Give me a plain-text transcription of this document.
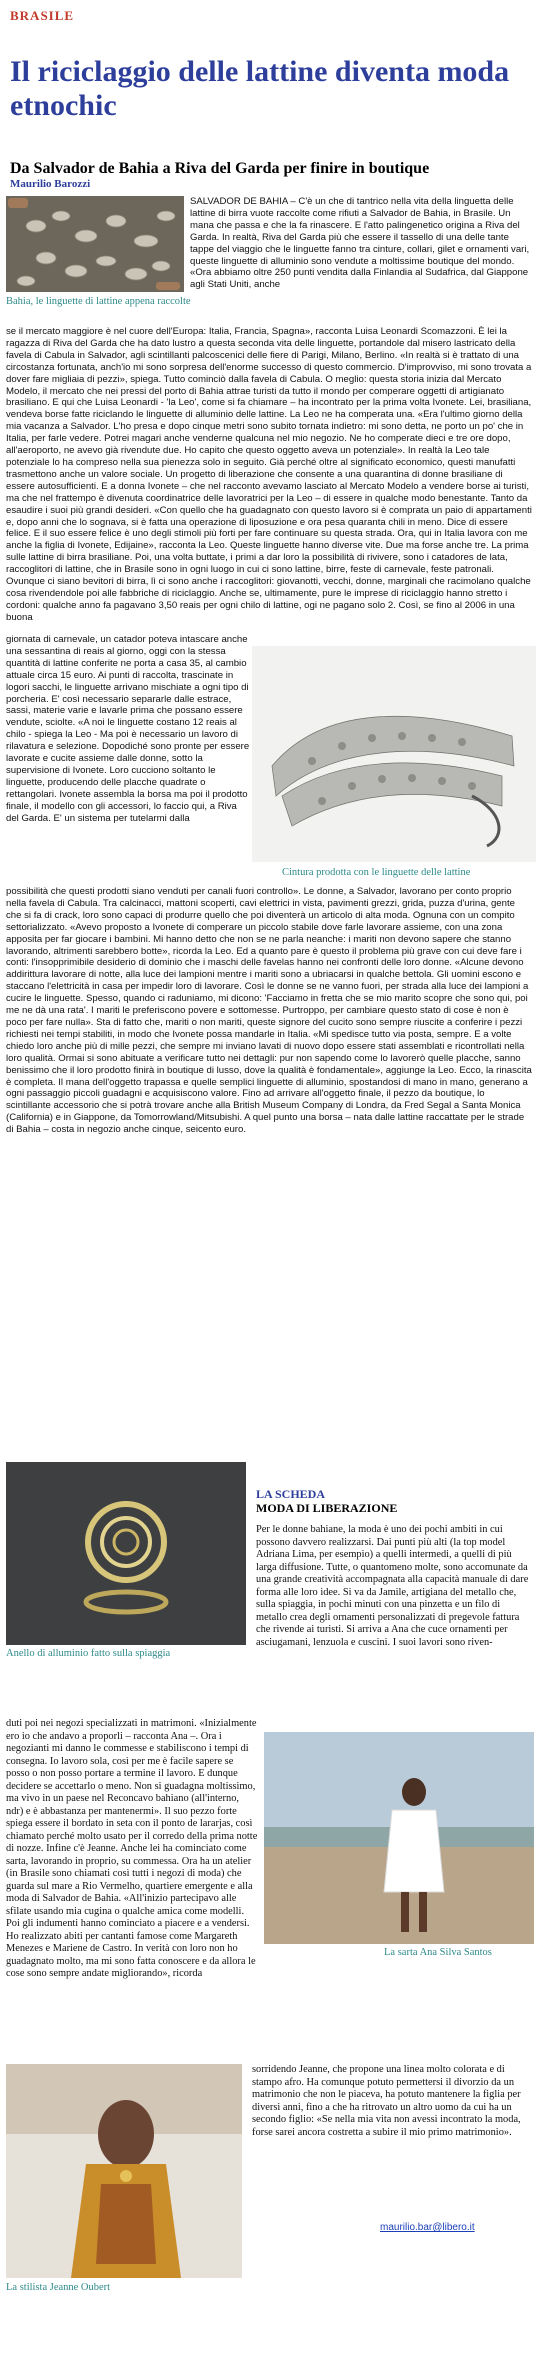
BRASILE
Il riciclaggio delle lattine diventa moda etnochic
Da Salvador de Bahia a Riva del Garda per finire in boutique
Maurilio Barozzi
Bahia, le linguette di lattine appena raccolte

SALVADOR DE BAHIA – C'è un che di tantrico nella vita della linguetta delle lattine di birra vuote raccolte come rifiuti a Salvador de Bahia, in Brasile. Un mana che passa e che la fa rinascere. E l'atto palingenetico origina a Riva del Garda. In realtà, Riva del Garda più che essere il tassello di una delle tante tappe del viaggio che le linguette fanno tra cinture, collari, gilet e ornamenti vari, queste linguette di alluminio sono vendute a moltissime boutique del mondo. «Ora abbiamo oltre 250 punti vendita dalla Finlandia al Sudafrica, dal Giappone agli Stati Uniti, anche

se il mercato maggiore è nel cuore dell'Europa: Italia, Francia, Spagna», racconta Luisa Leonardi Scomazzoni. È lei la ragazza di Riva del Garda che ha dato lustro a questa seconda vita delle linguette, portandole dal misero lastricato della favela di Cabula in Salvador, agli scintillanti palcoscenici delle fiere di Parigi, Milano, Berlino. «In realtà si è trattato di una circostanza fortunata, anch'io mi sono sorpresa dell'enorme successo di questo commercio. D'improvviso, mi sono trovata a dover fare migliaia di pezzi», spiega. Tutto cominciò dalla favela di Cabula. O meglio: questa storia inizia dal Mercato Modelo, il mercato che nei pressi del porto di Bahia attrae turisti da tutto il mondo per comperare oggetti di artigianato brasiliano. E qui che Luisa Leonardi - 'la Leo', come si fa chiamare – ha incontrato per la prima volta Ivonete. Lei, brasiliana, vendeva borse fatte riciclando le linguette di alluminio delle lattine. La Leo ne ha comperata una. «Era l'ultimo giorno della mia vacanza a Salvador. L'ho presa e dopo cinque metri sono subito tornata indietro: mi sono detta, ne porto un po' che in Italia, per farle vedere. Potrei magari anche venderne qualcuna nel mio negozio. Ne ho comperate dieci e tre ore dopo, all'aeroporto, ne avevo già rivendute due. Ho capito che questo oggetto aveva un potenziale». In realtà la Leo tale potenziale lo ha compreso nella sua pienezza solo in seguito. Già perché oltre al significato economico, questi manufatti trasmettono anche un valore sociale. Un progetto di liberazione che consente a una quarantina di donne brasiliane di essere autosufficienti. E a donna Ivonete – che nel racconto avevamo lasciato al Mercato Modelo a vendere borse ai turisti, ma che nel frattempo è divenuta coordinatrice delle lavoratrici per la Leo – di essere in qualche modo benestante. Tanto da esaudire i suoi più grandi desideri. «Con quello che ha guadagnato con questo lavoro si è comprata un paio di appartamenti e, dopo anni che lo sognava, si è fatta una operazione di liposuzione e ora pesa quaranta chili in meno. Dice di essere felice. E il suo essere felice è uno degli stimoli più forti per fare continuare su questa strada. Ora, qui in Italia lavora con me anche la figlia di Ivonete, Edijaine», racconta la Leo. Queste linguette hanno diverse vite. Due ma forse anche tre. La prima sulle lattine di birra brasiliane. Poi, una volta buttate, i primi a dar loro la possibilità di rivivere, sono i catadores de lata, raccoglitori di lattine, che in Brasile sono in ogni luogo in cui ci sono lattine, birre, feste di carnevale, feste patronali. Ovunque ci siano bevitori di birra, lì ci sono anche i raccoglitori: giovanotti, vecchi, donne, marginali che racimolano qualche cosa rivendendole poi alle fabbriche di riciclaggio. Anche se, ultimamente, pure le imprese di riciclaggio hanno stretto i cordoni: qualche anno fa pagavano 3,50 reais per ogni chilo di lattine, ogi ne pagano solo 2. Così, se fino al 2006 in una buona

giornata di carnevale, un catador poteva intascare anche una sessantina di reais al giorno, oggi con la stessa quantità di lattine conferite ne porta a casa 35, al cambio attuale circa 15 euro. Ai punti di raccolta, trascinate in logori sacchi, le linguette arrivano mischiate a ogni tipo di porcheria. E' così necessario separarle dalle estrace, sassi, materie varie e lavarle prima che possano essere vendute, sciolte. «A noi le linguette costano 12 reais al chilo - spiega la Leo - Ma poi è necessario un lavoro di rilavatura e selezione. Dopodiché sono pronte per essere lavorate e cucite assieme dalle donne, sotto la supervisione di Ivonete. Loro cucciono soltanto le linguette, producendo delle placche quadrate o rettangolari. Ivonete assembla la borsa ma poi il prodotto finale, il modello con gli accessori, lo faccio qui, a Riva del Garda. E' un sistema per tutelarmi dalla

Cintura prodotta con le linguette delle lattine

possibilità che questi prodotti siano venduti per canali fuori controllo». Le donne, a Salvador, lavorano per conto proprio nella favela di Cabula. Tra calcinacci, mattoni scoperti, cavi elettrici in vista, pavimenti grezzi, grida, puzza d'urina, gente che si fa di crack, loro sono capaci di produrre quello che poi diventerà un articolo di alta moda. Ognuna con un compito settorializzato. «Avevo proposto a Ivonete di comperare un piccolo stabile dove farle lavorare assieme, con una zona apposita per far giocare i bambini. Mi hanno detto che non se ne parla neanche: i mariti non devono sapere che stanno lavorando, altrimenti sarebbero botte», ricorda la Leo. Ed a quanto pare è questo il problema più grave con cui deve fare i conti: l'insopprimibile desiderio di dominio che i maschi delle favelas hanno nei confronti delle loro donne. «Alcune devono addirittura lavorare di notte, alla luce dei lampioni mentre i mariti sono a ubriacarsi in qualche bettola. Gli uomini escono e staccano l'elettricità in casa per impedir loro di lavorare. Così le donne se ne vanno fuori, per strada alla luce dei lampioni a cucire le linguette. Spesso, quando ci raduniamo, mi dicono: 'Facciamo in fretta che se mio marito scopre che sono qui, poi me ne dà una rata'. I mariti le preferiscono povere e sottomesse. Purtroppo, per cambiare questo stato di cose è non è poco per fare nulla». Sta di fatto che, mariti o non mariti, queste signore del cucito sono sempre riuscite a conferire i pezzi richiesti nei tempi stabiliti, in modo che Ivonete possa mandarle in Italia. «Mi spedisce tutto via posta, sempre. E a volte chiedo loro anche più di mille pezzi, che sempre mi inviano lavati di nuovo dopo essere stati assemblati e ricontrollati nella loro qualità. Ormai si sono abituate a verificare tutto nei dettagli: pur non sapendo come lo lavorerò quelle placche, sanno benissimo che il loro prodotto finirà in boutique di lusso, dove la qualità è fondamentale», aggiunge la Leo. Ecco, la rinascita è completa. Il mana dell'oggetto trapassa e quelle semplici linguette di alluminio, spostandosi di mano in mano, generano a ogni passaggio piccoli guadagni e acquisiscono valore. Fino ad arrivare all'oggetto finale, il pezzo da boutique, lo scintillante accessorio che si potrà trovare anche alla British Museum Company di Londra, da Fred Segal a Santa Monica (California) e in Giappone, da Tomorrowland/Mitsubishi. A quel punto una borsa – nata dalle lattine raccattate per le strade di Bahia – costa in negozio anche cinque, seicento euro.

Anello di alluminio fatto sulla spiaggia
LA SCHEDA
MODA DI LIBERAZIONE

Per le donne bahiane, la moda è uno dei pochi ambiti in cui possono davvero realizzarsi. Dai punti più alti (la top model Adriana Lima, per esempio) a quelli intermedi, a quelli di più larga diffusione. Tutte, o quantomeno molte, sono accomunate da una grande creatività accompagnata alla capacità manuale di dare forma alle loro idee. Si va da Jamile, artigiana del metallo che, sulla spiaggia, in pochi minuti con una pinzetta e un filo di metallo crea degli ornamenti personalizzati di pregevole fattura che rivende ai turisti. Si arriva a Ana che cuce ornamenti per asciugamani, lenzuola e cuscini. I suoi lavori sono riven-

duti poi nei negozi specializzati in matrimoni. «Inizialmente ero io che andavo a proporli – racconta Ana –. Ora i negozianti mi danno le commesse e stabiliscono i tempi di consegna. Io lavoro sola, così per me è facile sapere se posso o non posso portare a termine il lavoro. E dunque decidere se accettarlo o meno. Non si guadagna moltissimo, ma vivo in un paese nel Reconcavo bahiano (all'interno, ndr) e è abbastanza per mantenermi». Il suo pezzo forte spiega essere il bordato in seta con il ponto de lararjas, così chiamato perché molto usato per il corredo della prima notte di nozze. Infine c'è Jeanne. Anche lei ha cominciato come sarta, lavorando in proprio, su commessa. Ora ha un atelier (in Brasile sono chiamati così tutti i negozi di moda) che guarda sul mare a Rio Vermelho, quartiere emergente e alla moda di Salvador de Bahia. «All'inizio partecipavo alle sfilate usando mia cugina o qualche amica come modelli. Poi gli indumenti hanno cominciato a piacere e a vendersi. Ho realizzato abiti per cantanti famose come Margareth Menezes e Mariene de Castro. In verità con loro non ho guadagnato molto, ma mi sono fatta conoscere e da allora le cose sono sempre andate migliorando», ricorda

La sarta Ana Silva Santos
La stilista Jeanne Oubert

sorridendo Jeanne, che propone una linea molto colorata e di stampo afro. Ha comunque potuto permettersi il divorzio da un matrimonio che non le piaceva, ha potuto mantenere la figlia per diversi anni, fino a che ha ritrovato un altro uomo da cui ha un secondo figlio: «Se nella mia vita non avessi incontrato la moda, forse sarei ancora costretta a subire il mio primo matrimonio».

maurilio.bar@libero.it
